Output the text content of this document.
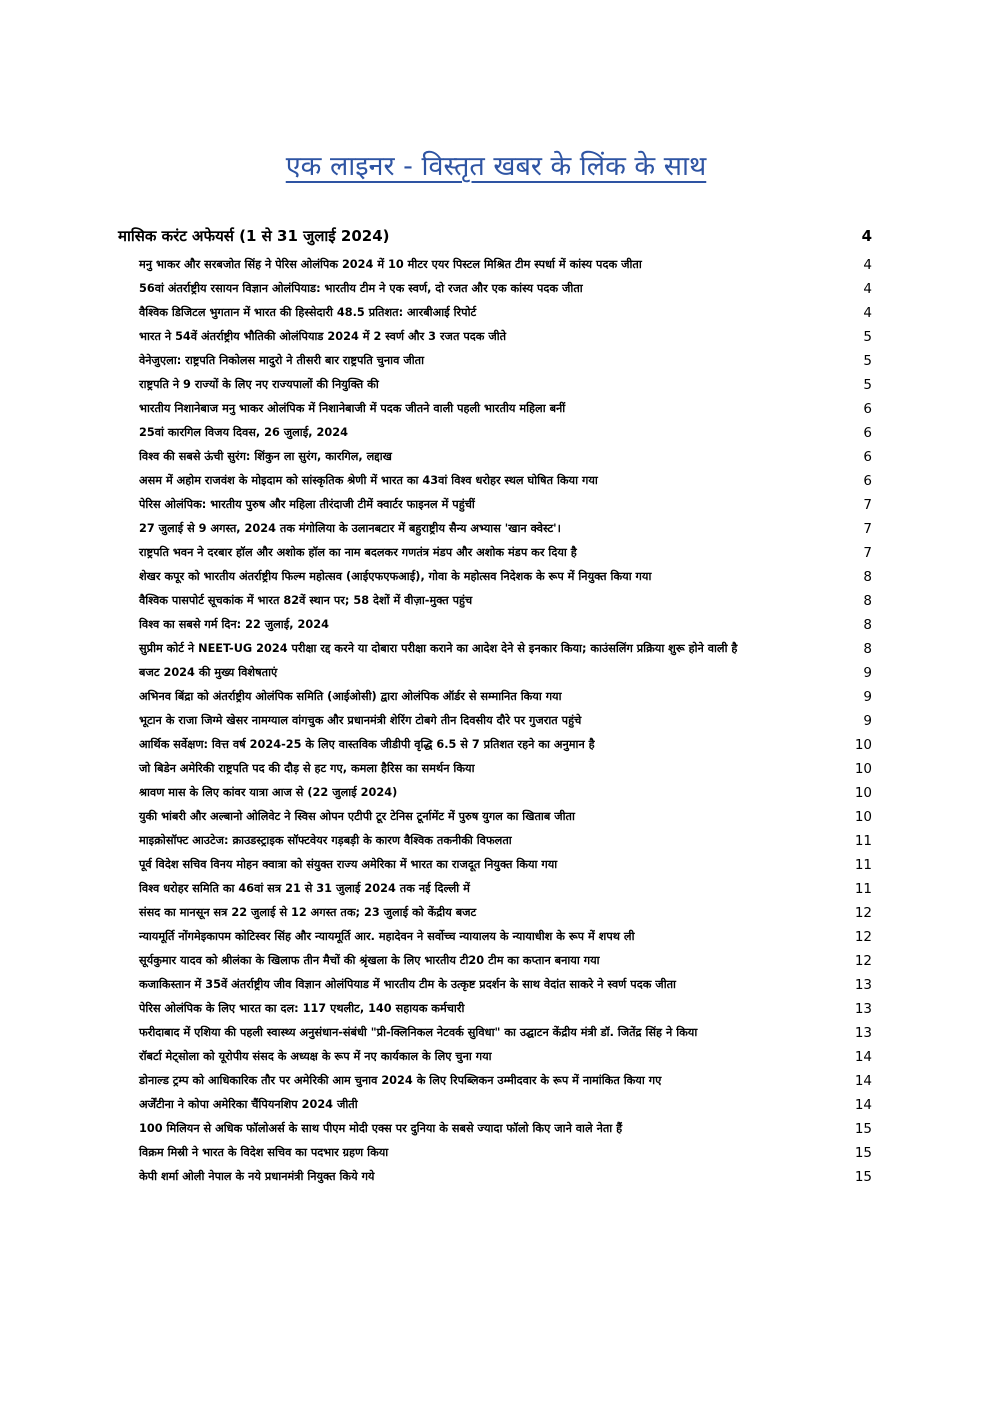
एक लाइनर - विस्तृत खबर के लिंक के साथ
मासिक करंट अफेयर्स (1 से 31 जुलाई 2024)	4
मनु भाकर और सरबजोत सिंह ने पेरिस ओलंपिक 2024 में 10 मीटर एयर पिस्टल मिश्रित टीम स्पर्धा में कांस्य पदक जीता	4
56वां अंतर्राष्ट्रीय रसायन विज्ञान ओलंपियाड: भारतीय टीम ने एक स्वर्ण, दो रजत और एक कांस्य पदक जीता	4
वैश्विक डिजिटल भुगतान में भारत की हिस्सेदारी 48.5 प्रतिशत: आरबीआई रिपोर्ट	4
भारत ने 54वें अंतर्राष्ट्रीय भौतिकी ओलंपियाड 2024 में 2 स्वर्ण और 3 रजत पदक जीते	5
वेनेजुएला: राष्ट्रपति निकोलस मादुरो ने तीसरी बार राष्ट्रपति चुनाव जीता	5
राष्ट्रपति ने 9 राज्यों के लिए नए राज्यपालों की नियुक्ति की	5
भारतीय निशानेबाज मनु भाकर ओलंपिक में निशानेबाजी में पदक जीतने वाली पहली भारतीय महिला बनीं	6
25वां कारगिल विजय दिवस, 26 जुलाई, 2024	6
विश्व की सबसे ऊंची सुरंग: शिंकुन ला सुरंग, कारगिल, लद्दाख	6
असम में अहोम राजवंश के मोइदाम को सांस्कृतिक श्रेणी में भारत का 43वां विश्व धरोहर स्थल घोषित किया गया	6
पेरिस ओलंपिक: भारतीय पुरुष और महिला तीरंदाजी टीमें क्वार्टर फाइनल में पहुंचीं	7
27 जुलाई से 9 अगस्त, 2024 तक मंगोलिया के उलानबटार में बहुराष्ट्रीय सैन्य अभ्यास 'खान क्वेस्ट'।	7
राष्ट्रपति भवन ने दरबार हॉल और अशोक हॉल का नाम बदलकर गणतंत्र मंडप और अशोक मंडप कर दिया है	7
शेखर कपूर को भारतीय अंतर्राष्ट्रीय फिल्म महोत्सव (आईएफएफआई), गोवा के महोत्सव निदेशक के रूप में नियुक्त किया गया	8
वैश्विक पासपोर्ट सूचकांक में भारत 82वें स्थान पर; 58 देशों में वीज़ा-मुक्त पहुंच	8
विश्व का सबसे गर्म दिन: 22 जुलाई, 2024	8
सुप्रीम कोर्ट ने NEET-UG 2024 परीक्षा रद्द करने या दोबारा परीक्षा कराने का आदेश देने से इनकार किया; काउंसलिंग प्रक्रिया शुरू होने वाली है	8
बजट 2024 की मुख्य विशेषताएं	9
अभिनव बिंद्रा को अंतर्राष्ट्रीय ओलंपिक समिति (आईओसी) द्वारा ओलंपिक ऑर्डर से सम्मानित किया गया	9
भूटान के राजा जिग्मे खेसर नामग्याल वांगचुक और प्रधानमंत्री शेरिंग टोबगे तीन दिवसीय दौरे पर गुजरात पहुंचे	9
आर्थिक सर्वेक्षण: वित्त वर्ष 2024-25 के लिए वास्तविक जीडीपी वृद्धि 6.5 से 7 प्रतिशत रहने का अनुमान है	10
जो बिडेन अमेरिकी राष्ट्रपति पद की दौड़ से हट गए, कमला हैरिस का समर्थन किया	10
श्रावण मास के लिए कांवर यात्रा आज से (22 जुलाई 2024)	10
युकी भांबरी और अल्बानो ओलिवेट ने स्विस ओपन एटीपी टूर टेनिस टूर्नामेंट में पुरुष युगल का खिताब जीता	10
माइक्रोसॉफ्ट आउटेज: क्राउडस्ट्राइक सॉफ्टवेयर गड़बड़ी के कारण वैश्विक तकनीकी विफलता	11
पूर्व विदेश सचिव विनय मोहन क्वात्रा को संयुक्त राज्य अमेरिका में भारत का राजदूत नियुक्त किया गया	11
विश्व धरोहर समिति का 46वां सत्र 21 से 31 जुलाई 2024 तक नई दिल्ली में	11
संसद का मानसून सत्र 22 जुलाई से 12 अगस्त तक; 23 जुलाई को केंद्रीय बजट	12
न्यायमूर्ति नोंगमेइकापम कोटिस्वर सिंह और न्यायमूर्ति आर. महादेवन ने सर्वोच्च न्यायालय के न्यायाधीश के रूप में शपथ ली	12
सूर्यकुमार यादव को श्रीलंका के खिलाफ तीन मैचों की श्रृंखला के लिए भारतीय टी20 टीम का कप्तान बनाया गया	12
कजाकिस्तान में 35वें अंतर्राष्ट्रीय जीव विज्ञान ओलंपियाड में भारतीय टीम के उत्कृष्ट प्रदर्शन के साथ वेदांत साकरे ने स्वर्ण पदक जीता	13
पेरिस ओलंपिक के लिए भारत का दल: 117 एथलीट, 140 सहायक कर्मचारी	13
फरीदाबाद में एशिया की पहली स्वास्थ्य अनुसंधान-संबंधी "प्री-क्लिनिकल नेटवर्क सुविधा" का उद्घाटन केंद्रीय मंत्री डॉ. जितेंद्र सिंह ने किया	13
रॉबर्टा मेट्सोला को यूरोपीय संसद के अध्यक्ष के रूप में नए कार्यकाल के लिए चुना गया	14
डोनाल्ड ट्रम्प को आधिकारिक तौर पर अमेरिकी आम चुनाव 2024 के लिए रिपब्लिकन उम्मीदवार के रूप में नामांकित किया गए	14
अर्जेंटीना ने कोपा अमेरिका चैंपियनशिप 2024 जीती	14
100 मिलियन से अधिक फॉलोअर्स के साथ पीएम मोदी एक्स पर दुनिया के सबसे ज्यादा फॉलो किए जाने वाले नेता हैं	15
विक्रम मिस्री ने भारत के विदेश सचिव का पदभार ग्रहण किया	15
केपी शर्मा ओली नेपाल के नये प्रधानमंत्री नियुक्त किये गये	15
